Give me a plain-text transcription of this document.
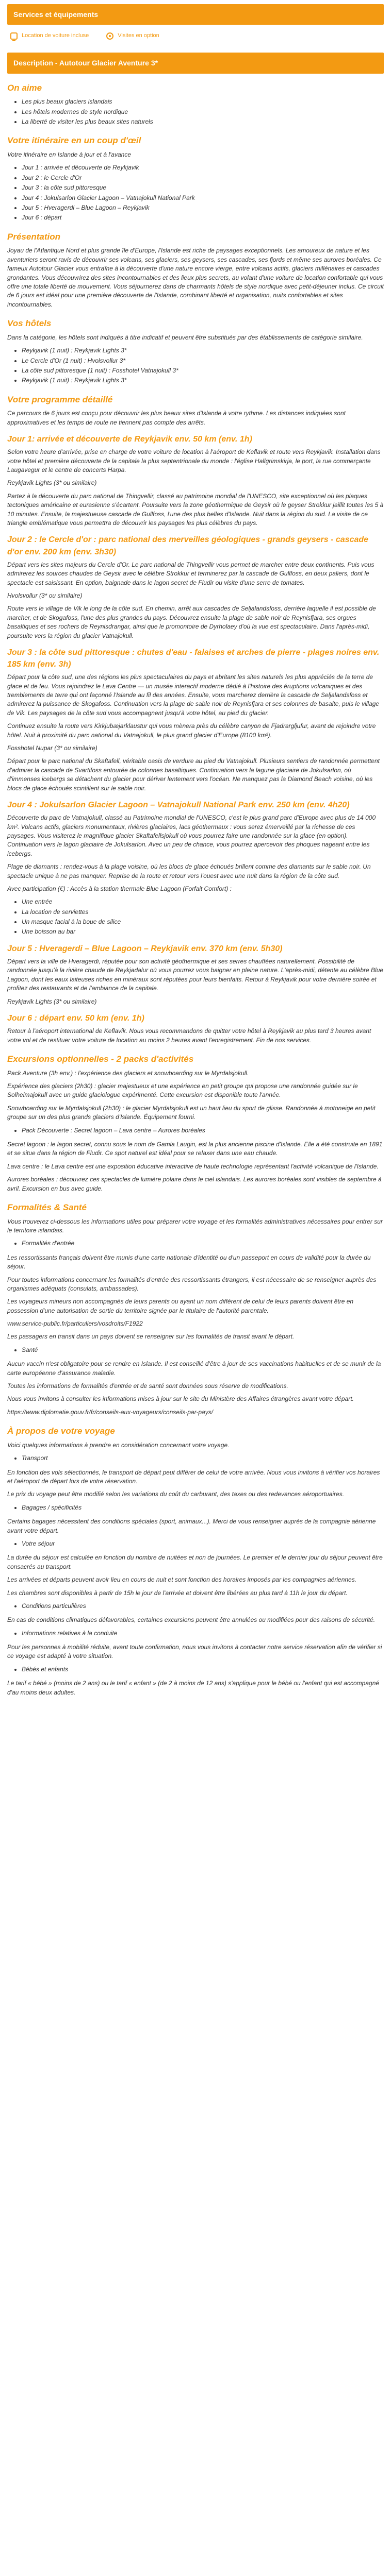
Services et équipements
Location de voiture incluse	Visites en option
Description - Autotour Glacier Aventure 3*
On aime
• Les plus beaux glaciers islandais
• Les hôtels modernes de style nordique
• La liberté de visiter les plus beaux sites naturels
Votre itinéraire en un coup d'œil

Votre itinéraire en Islande à jour et à l'avance

• Jour 1 : arrivée et découverte de Reykjavik
• Jour 2 : le Cercle d'Or
• Jour 3 : la côte sud pittoresque
• Jour 4 : Jokulsarlon Glacier Lagoon – Vatnajokull National Park
• Jour 5 : Hveragerdi – Blue Lagoon – Reykjavik
• Jour 6 : départ
Présentation

Joyau de l'Atlantique Nord et plus grande île d'Europe, l'Islande est riche de paysages exceptionnels. Les amoureux de nature et les aventuriers seront ravis de découvrir ses volcans, ses glaciers, ses geysers, ses cascades, ses fjords et même ses aurores boréales. Ce fameux Autotour Glacier vous entraîne à la découverte d'une nature encore vierge, entre volcans actifs, glaciers millénaires et cascades grondantes. Vous découvrirez des sites incontournables et des lieux plus secrets, au volant d'une voiture de location confortable qui vous offre une totale liberté de mouvement. Vous séjournerez dans de charmants hôtels de style nordique avec petit-déjeuner inclus. Ce circuit de 6 jours est idéal pour une première découverte de l'Islande, combinant liberté et organisation, nuits confortables et sites incontournables.

Vos hôtels

Dans la catégorie, les hôtels sont indiqués à titre indicatif et peuvent être substitués par des établissements de catégorie similaire.

• Reykjavik (1 nuit) : Reykjavik Lights 3*
• Le Cercle d'Or (1 nuit) : Hvolsvollur 3*
• La côte sud pittoresque (1 nuit) : Fosshotel Vatnajokull 3*
• Reykjavik (1 nuit) : Reykjavik Lights 3*
Votre programme détaillé

Ce parcours de 6 jours est conçu pour découvrir les plus beaux sites d'Islande à votre rythme. Les distances indiquées sont approximatives et les temps de route ne tiennent pas compte des arrêts.

Jour 1: arrivée et découverte de Reykjavik env. 50 km (env. 1h)

Selon votre heure d'arrivée, prise en charge de votre voiture de location à l'aéroport de Keflavik et route vers Reykjavik. Installation dans votre hôtel et première découverte de la capitale la plus septentrionale du monde : l'église Hallgrimskirja, le port, la rue commerçante Laugavegur et le centre de concerts Harpa.

Reykjavik Lights (3* ou similaire)

Partez à la découverte du parc national de Thingvellir, classé au patrimoine mondial de l'UNESCO, site exceptionnel où les plaques tectoniques américaine et eurasienne s'écartent. Poursuite vers la zone géothermique de Geysir où le geyser Strokkur jaillit toutes les 5 à 10 minutes. Ensuite, la majestueuse cascade de Gullfoss, l'une des plus belles d'Islande. Nuit dans la région du sud. La visite de ce triangle emblématique vous permettra de découvrir les paysages les plus célèbres du pays.

Jour 2 : le Cercle d'or : parc national des merveilles géologiques - grands geysers - cascade d'or env. 200 km (env. 3h30)

Départ vers les sites majeurs du Cercle d'Or. Le parc national de Thingvellir vous permet de marcher entre deux continents. Puis vous admirerez les sources chaudes de Geysir avec le célèbre Strokkur et terminerez par la cascade de Gullfoss, en deux paliers, dont le spectacle est saisissant. En option, baignade dans le lagon secret de Fludir ou visite d'une serre de tomates.

Hvolsvollur (3* ou similaire)

Route vers le village de Vik le long de la côte sud. En chemin, arrêt aux cascades de Seljalandsfoss, derrière laquelle il est possible de marcher, et de Skogafoss, l'une des plus grandes du pays. Découvrez ensuite la plage de sable noir de Reynisfjara, ses orgues basaltiques et ses rochers de Reynisdrangar, ainsi que le promontoire de Dyrholaey d'où la vue est spectaculaire. Dans l'après-midi, poursuite vers la région du glacier Vatnajokull.

Jour 3 : la côte sud pittoresque : chutes d'eau - falaises et arches de pierre - plages noires env. 185 km (env. 3h)

Départ pour la côte sud, une des régions les plus spectaculaires du pays et abritant les sites naturels les plus appréciés de la terre de glace et de feu. Vous rejoindrez le Lava Centre — un musée interactif moderne dédié à l'histoire des éruptions volcaniques et des tremblements de terre qui ont façonné l'Islande au fil des années. Ensuite, vous marcherez derrière la cascade de Seljalandsfoss et admirerez la puissance de Skogafoss. Continuation vers la plage de sable noir de Reynisfjara et ses colonnes de basalte, puis le village de Vik. Les paysages de la côte sud vous accompagnent jusqu'à votre hôtel, au pied du glacier.

Continuez ensuite la route vers Kirkjubæjarklaustur qui vous mènera près du célèbre canyon de Fjadrargljufur, avant de rejoindre votre hôtel. Nuit à proximité du parc national du Vatnajokull, le plus grand glacier d'Europe (8100 km²).

Fosshotel Nupar (3* ou similaire)

Départ pour le parc national du Skaftafell, véritable oasis de verdure au pied du Vatnajokull. Plusieurs sentiers de randonnée permettent d'admirer la cascade de Svartifoss entourée de colonnes basaltiques. Continuation vers la lagune glaciaire de Jokulsarlon, où d'immenses icebergs se détachent du glacier pour dériver lentement vers l'océan. Ne manquez pas la Diamond Beach voisine, où les blocs de glace échoués scintillent sur le sable noir.

Jour 4 : Jokulsarlon Glacier Lagoon – Vatnajokull National Park env. 250 km (env. 4h20)

Découverte du parc de Vatnajokull, classé au Patrimoine mondial de l'UNESCO, c'est le plus grand parc d'Europe avec plus de 14 000 km². Volcans actifs, glaciers monumentaux, rivières glaciaires, lacs géothermaux : vous serez émerveillé par la richesse de ces paysages. Vous visiterez le magnifique glacier Skaftafellsjokull où vous pourrez faire une randonnée sur la glace (en option). Continuation vers le lagon glaciaire de Jokulsarlon. Avec un peu de chance, vous pourrez apercevoir des phoques nageant entre les icebergs.

Plage de diamants : rendez-vous à la plage voisine, où les blocs de glace échoués brillent comme des diamants sur le sable noir. Un spectacle unique à ne pas manquer. Reprise de la route et retour vers l'ouest avec une nuit dans la région de la côte sud.

Avec participation (€) : Accès à la station thermale Blue Lagoon (Forfait Comfort) :

• Une entrée
• La location de serviettes
• Un masque facial à la boue de silice
• Une boisson au bar
Jour 5 : Hveragerdi – Blue Lagoon – Reykjavik env. 370 km (env. 5h30)

Départ vers la ville de Hveragerdi, réputée pour son activité géothermique et ses serres chauffées naturellement. Possibilité de randonnée jusqu'à la rivière chaude de Reykjadalur où vous pourrez vous baigner en pleine nature. L'après-midi, détente au célèbre Blue Lagoon, dont les eaux laiteuses riches en minéraux sont réputées pour leurs bienfaits. Retour à Reykjavik pour votre dernière soirée et profitez des restaurants et de l'ambiance de la capitale.

Reykjavik Lights (3* ou similaire)

Jour 6 : départ env. 50 km (env. 1h)

Retour à l'aéroport international de Keflavik. Nous vous recommandons de quitter votre hôtel à Reykjavik au plus tard 3 heures avant votre vol et de restituer votre voiture de location au moins 2 heures avant l'enregistrement. Fin de nos services.

Excursions optionnelles - 2 packs d'activités

Pack Aventure (3h env.) : l'expérience des glaciers et snowboarding sur le Myrdalsjokull.

Expérience des glaciers (2h30) : glacier majestueux et une expérience en petit groupe qui propose une randonnée guidée sur le Solheimajokull avec un guide glaciologue expérimenté. Cette excursion est disponible toute l'année.

Snowboarding sur le Myrdalsjokull (2h30) : le glacier Myrdalsjokull est un haut lieu du sport de glisse. Randonnée à motoneige en petit groupe sur un des plus grands glaciers d'Islande. Équipement fourni.

• Pack Découverte : Secret lagoon – Lava centre – Aurores boréales

Secret lagoon : le lagon secret, connu sous le nom de Gamla Laugin, est la plus ancienne piscine d'Islande. Elle a été construite en 1891 et se situe dans la région de Fludir. Ce spot naturel est idéal pour se relaxer dans une eau chaude.

Lava centre : le Lava centre est une exposition éducative interactive de haute technologie représentant l'activité volcanique de l'Islande.

Aurores boréales : découvrez ces spectacles de lumière polaire dans le ciel islandais. Les aurores boréales sont visibles de septembre à avril. Excursion en bus avec guide.

Formalités & Santé

Vous trouverez ci-dessous les informations utiles pour préparer votre voyage et les formalités administratives nécessaires pour entrer sur le territoire islandais.

• Formalités d'entrée

Les ressortissants français doivent être munis d'une carte nationale d'identité ou d'un passeport en cours de validité pour la durée du séjour.

Pour toutes informations concernant les formalités d'entrée des ressortissants étrangers, il est nécessaire de se renseigner auprès des organismes adéquats (consulats, ambassades).

Les voyageurs mineurs non accompagnés de leurs parents ou ayant un nom différent de celui de leurs parents doivent être en possession d'une autorisation de sortie du territoire signée par le titulaire de l'autorité parentale.

www.service-public.fr/particuliers/vosdroits/F1922

Les passagers en transit dans un pays doivent se renseigner sur les formalités de transit avant le départ.

• Santé

Aucun vaccin n'est obligatoire pour se rendre en Islande. Il est conseillé d'être à jour de ses vaccinations habituelles et de se munir de la carte européenne d'assurance maladie.

Toutes les informations de formalités d'entrée et de santé sont données sous réserve de modifications.

Nous vous invitons à consulter les informations mises à jour sur le site du Ministère des Affaires étrangères avant votre départ.

https://www.diplomatie.gouv.fr/fr/conseils-aux-voyageurs/conseils-par-pays/

À propos de votre voyage

Voici quelques informations à prendre en considération concernant votre voyage.

• Transport

En fonction des vols sélectionnés, le transport de départ peut différer de celui de votre arrivée. Nous vous invitons à vérifier vos horaires et l'aéroport de départ lors de votre réservation.

Le prix du voyage peut être modifié selon les variations du coût du carburant, des taxes ou des redevances aéroportuaires.

• Bagages / spécificités

Certains bagages nécessitent des conditions spéciales (sport, animaux...). Merci de vous renseigner auprès de la compagnie aérienne avant votre départ.

• Votre séjour

La durée du séjour est calculée en fonction du nombre de nuitées et non de journées. Le premier et le dernier jour du séjour peuvent être consacrés au transport.

Les arrivées et départs peuvent avoir lieu en cours de nuit et sont fonction des horaires imposés par les compagnies aériennes.

Les chambres sont disponibles à partir de 15h le jour de l'arrivée et doivent être libérées au plus tard à 11h le jour du départ.

• Conditions particulières

En cas de conditions climatiques défavorables, certaines excursions peuvent être annulées ou modifiées pour des raisons de sécurité.

• Informations relatives à la conduite

Pour les personnes à mobilité réduite, avant toute confirmation, nous vous invitons à contacter notre service réservation afin de vérifier si ce voyage est adapté à votre situation.

• Bébés et enfants

Le tarif « bébé » (moins de 2 ans) ou le tarif « enfant » (de 2 à moins de 12 ans) s'applique pour le bébé ou l'enfant qui est accompagné d'au moins deux adultes.
